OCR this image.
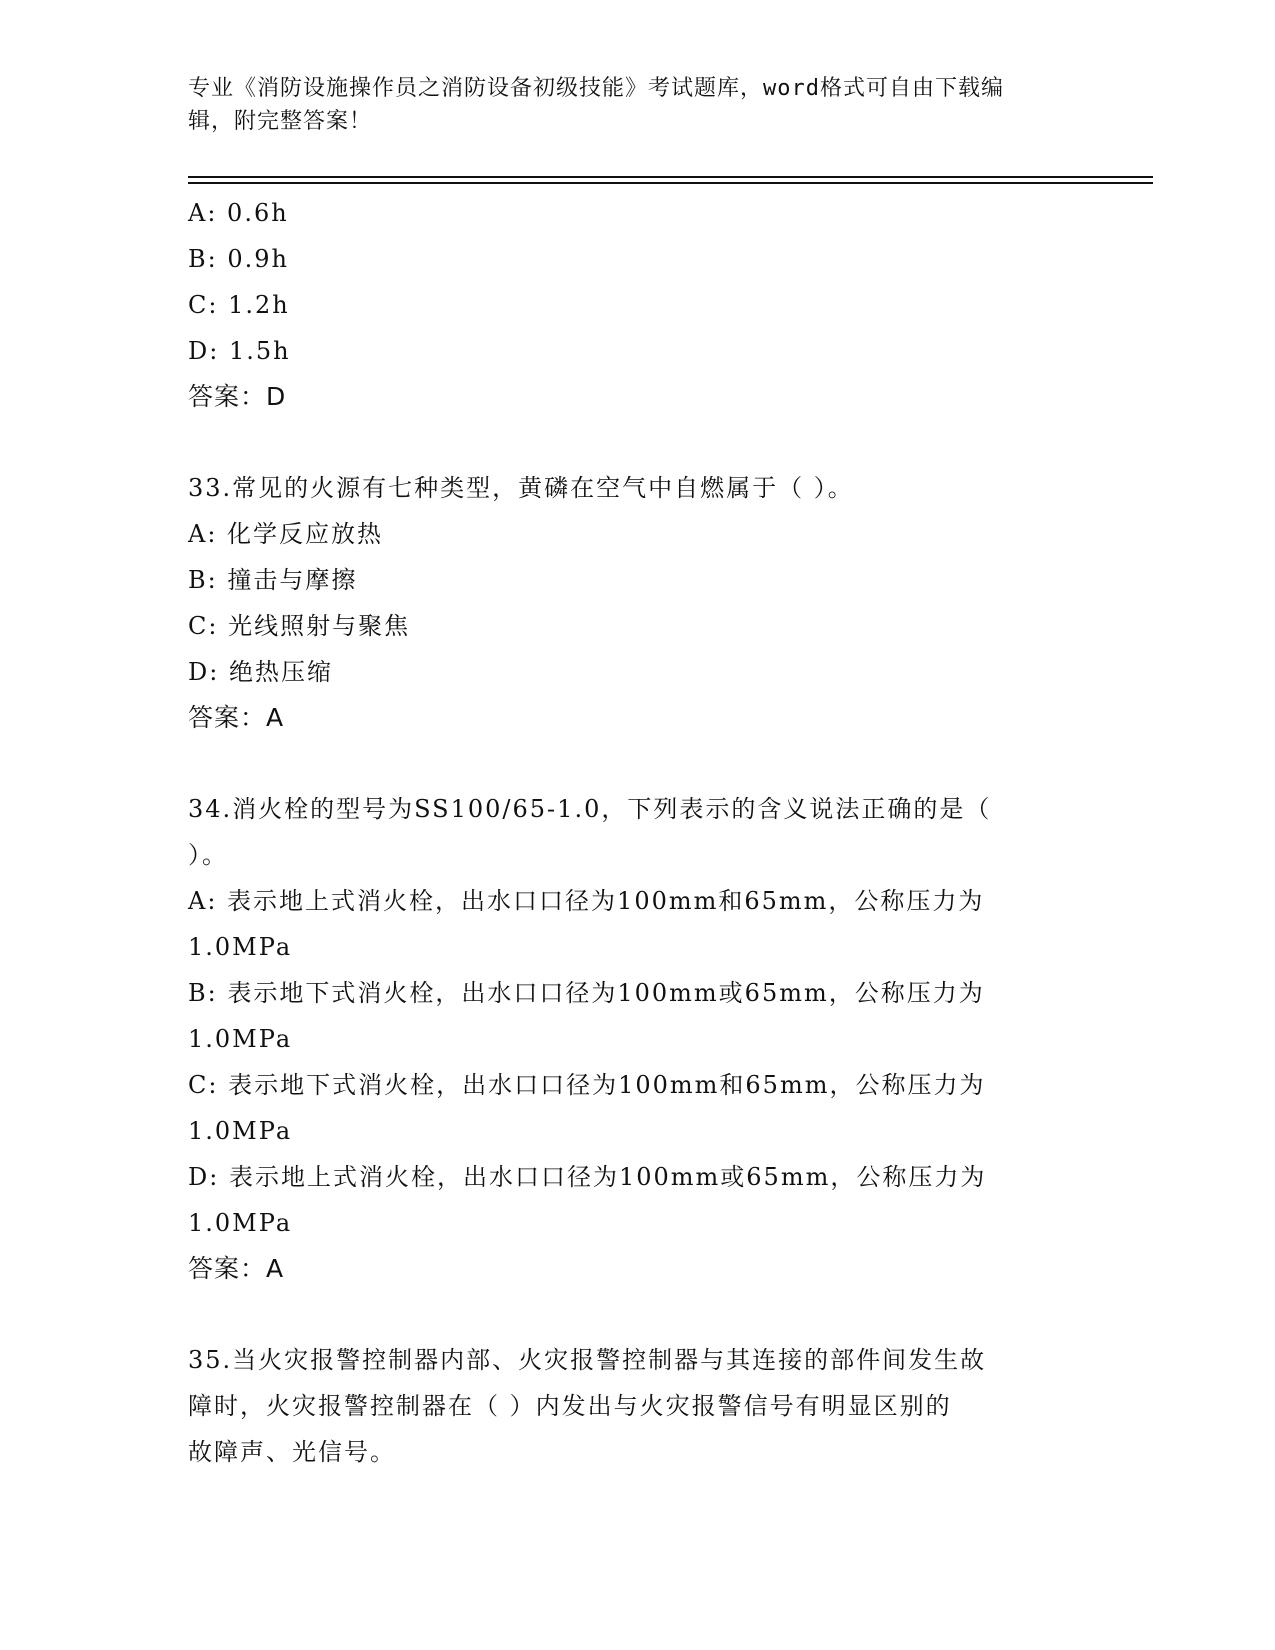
专业《消防设施操作员之消防设备初级技能》考试题库，word格式可自由下载编
辑，附完整答案！
A: 0.6h
B: 0.9h
C: 1.2h
D: 1.5h
答案：D
33.常见的火源有七种类型，黄磷在空气中自燃属于（ ）。
A: 化学反应放热
B: 撞击与摩擦
C: 光线照射与聚焦
D: 绝热压缩
答案：A
34.消火栓的型号为SS100/65-1.0，下列表示的含义说法正确的是（
）。
A: 表示地上式消火栓，出水口口径为100mm和65mm，公称压力为
1.0MPa
B: 表示地下式消火栓，出水口口径为100mm或65mm，公称压力为
1.0MPa
C: 表示地下式消火栓，出水口口径为100mm和65mm，公称压力为
1.0MPa
D: 表示地上式消火栓，出水口口径为100mm或65mm，公称压力为
1.0MPa
答案：A
35.当火灾报警控制器内部、火灾报警控制器与其连接的部件间发生故
障时，火灾报警控制器在（ ）内发出与火灾报警信号有明显区别的
故障声、光信号。
